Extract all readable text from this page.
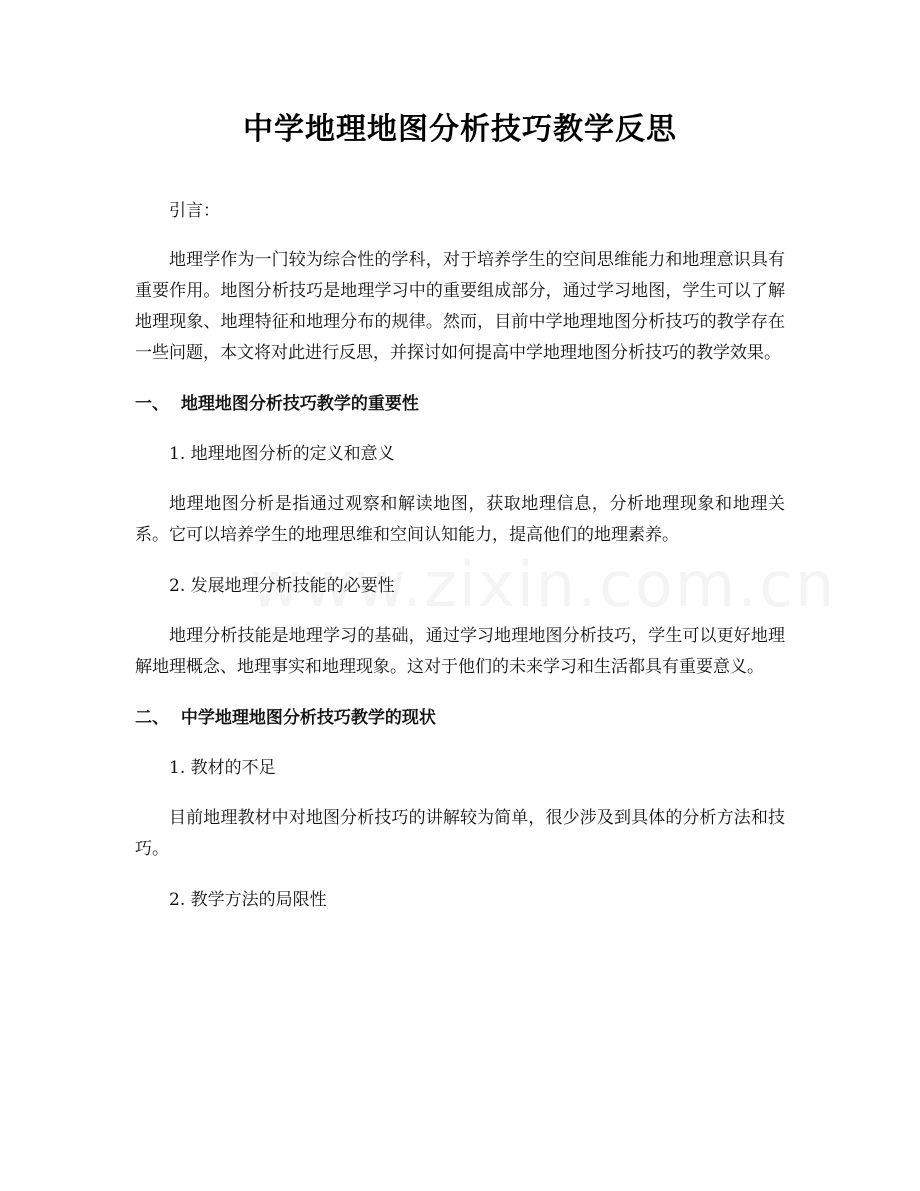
中学地理地图分析技巧教学反思

引言：

地理学作为一门较为综合性的学科，对于培养学生的空间思维能力和地理意识具有重要作用。地图分析技巧是地理学习中的重要组成部分，通过学习地图，学生可以了解地理现象、地理特征和地理分布的规律。然而，目前中学地理地图分析技巧的教学存在一些问题，本文将对此进行反思，并探讨如何提高中学地理地图分析技巧的教学效果。

一、  地理地图分析技巧教学的重要性

1. 地理地图分析的定义和意义

地理地图分析是指通过观察和解读地图，获取地理信息，分析地理现象和地理关系。它可以培养学生的地理思维和空间认知能力，提高他们的地理素养。

2. 发展地理分析技能的必要性

地理分析技能是地理学习的基础，通过学习地理地图分析技巧，学生可以更好地理解地理概念、地理事实和地理现象。这对于他们的未来学习和生活都具有重要意义。

二、  中学地理地图分析技巧教学的现状

1. 教材的不足

目前地理教材中对地图分析技巧的讲解较为简单，很少涉及到具体的分析方法和技巧。

2. 教学方法的局限性
